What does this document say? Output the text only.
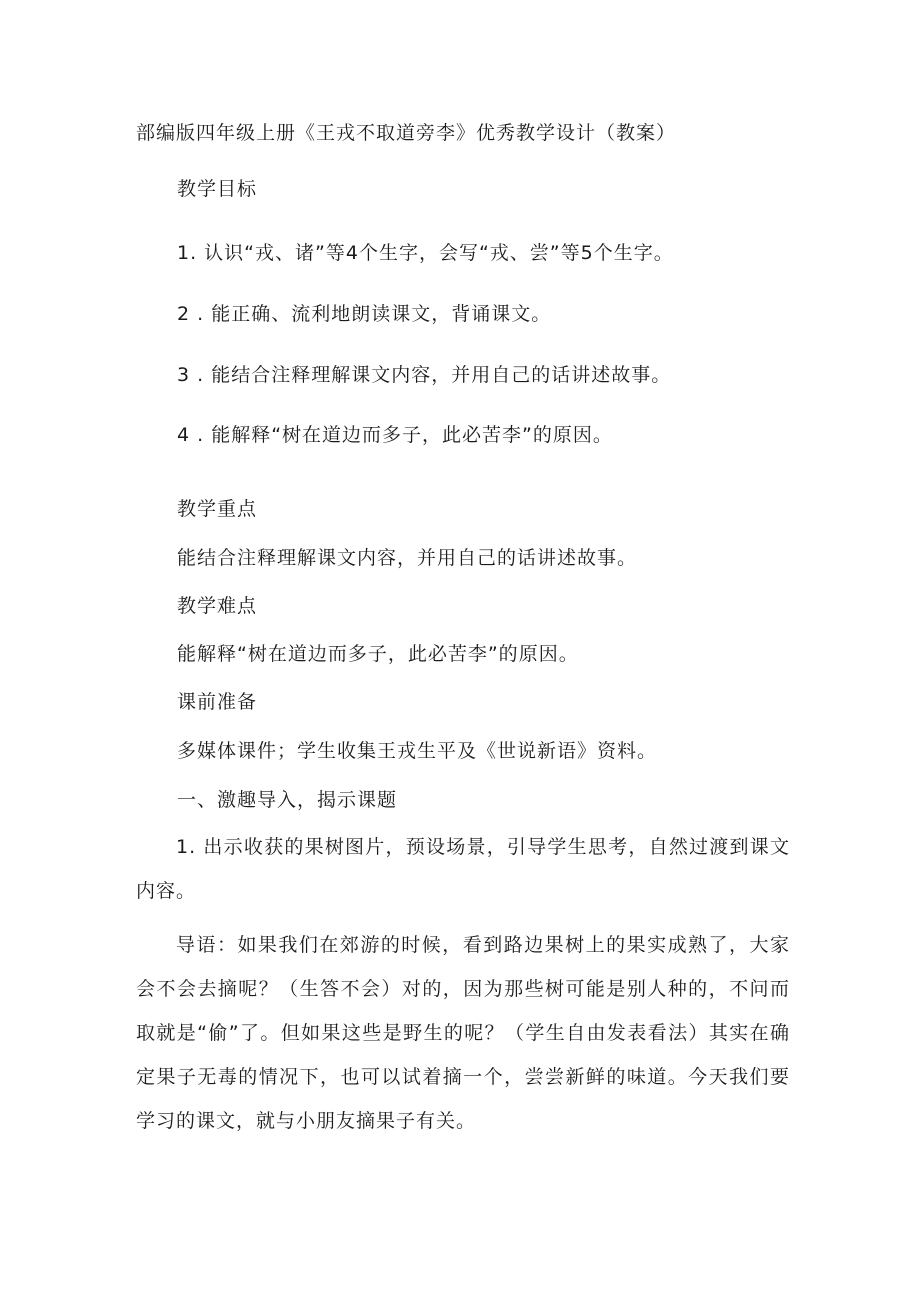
部编版四年级上册《王戎不取道旁李》优秀教学设计（教案）
教学目标
1. 认识“戎、诸”等4个生字，会写“戎、尝”等5个生字。
2 . 能正确、流利地朗读课文，背诵课文。
3 . 能结合注释理解课文内容，并用自己的话讲述故事。
4 . 能解释“树在道边而多子，此必苦李”的原因。
教学重点
能结合注释理解课文内容，并用自己的话讲述故事。
教学难点
能解释“树在道边而多子，此必苦李”的原因。
课前准备
多媒体课件；学生收集王戎生平及《世说新语》资料。
一、激趣导入，揭示课题

1. 出示收获的果树图片，预设场景，引导学生思考，自然过渡到课文内容。

导语：如果我们在郊游的时候，看到路边果树上的果实成熟了，大家会不会去摘呢？（生答不会）对的，因为那些树可能是别人种的，不问而取就是“偷”了。但如果这些是野生的呢？（学生自由发表看法）其实在确定果子无毒的情况下，也可以试着摘一个，尝尝新鲜的味道。今天我们要学习的课文，就与小朋友摘果子有关。
